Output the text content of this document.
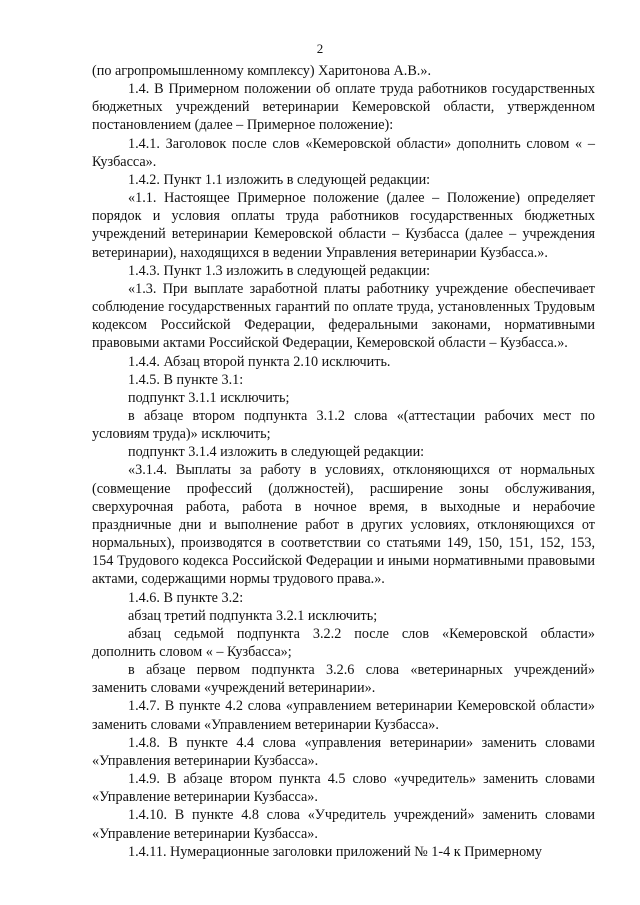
2

(по агропромышленному комплексу) Харитонова А.В.».

1.4. В Примерном положении об оплате труда работников государственных бюджетных учреждений ветеринарии Кемеровской области, утвержденном постановлением (далее – Примерное положение):

1.4.1. Заголовок после слов «Кемеровской области» дополнить словом « – Кузбасса».

1.4.2. Пункт 1.1 изложить в следующей редакции:

«1.1. Настоящее Примерное положение (далее – Положение) определяет порядок и условия оплаты труда работников государственных бюджетных учреждений ветеринарии Кемеровской области – Кузбасса (далее – учреждения ветеринарии), находящихся в ведении Управления ветеринарии Кузбасса.».

1.4.3. Пункт 1.3 изложить в следующей редакции:

«1.3. При выплате заработной платы работнику учреждение обеспечивает соблюдение государственных гарантий по оплате труда, установленных Трудовым кодексом Российской Федерации, федеральными законами, нормативными правовыми актами Российской Федерации, Кемеровской области – Кузбасса.».

1.4.4. Абзац второй пункта 2.10 исключить.

1.4.5. В пункте 3.1:

подпункт 3.1.1 исключить;

в абзаце втором подпункта 3.1.2 слова «(аттестации рабочих мест по условиям труда)» исключить;

подпункт 3.1.4 изложить в следующей редакции:

«3.1.4. Выплаты за работу в условиях, отклоняющихся от нормальных (совмещение профессий (должностей), расширение зоны обслуживания, сверхурочная работа, работа в ночное время, в выходные и нерабочие праздничные дни и выполнение работ в других условиях, отклоняющихся от нормальных), производятся в соответствии со статьями 149, 150, 151, 152, 153, 154 Трудового кодекса Российской Федерации и иными нормативными правовыми актами, содержащими нормы трудового права.».

1.4.6. В пункте 3.2:

абзац третий подпункта 3.2.1 исключить;

абзац седьмой подпункта 3.2.2 после слов «Кемеровской области» дополнить словом « – Кузбасса»;

в абзаце первом подпункта 3.2.6 слова «ветеринарных учреждений» заменить словами «учреждений ветеринарии».

1.4.7. В пункте 4.2 слова «управлением ветеринарии Кемеровской области» заменить словами «Управлением ветеринарии Кузбасса».

1.4.8. В пункте 4.4 слова «управления ветеринарии» заменить словами «Управления ветеринарии Кузбасса».

1.4.9. В абзаце втором пункта 4.5 слово «учредитель» заменить словами «Управление ветеринарии Кузбасса».

1.4.10. В пункте 4.8 слова «Учредитель учреждений» заменить словами «Управление ветеринарии Кузбасса».

1.4.11. Нумерационные заголовки приложений № 1-4 к Примерному
